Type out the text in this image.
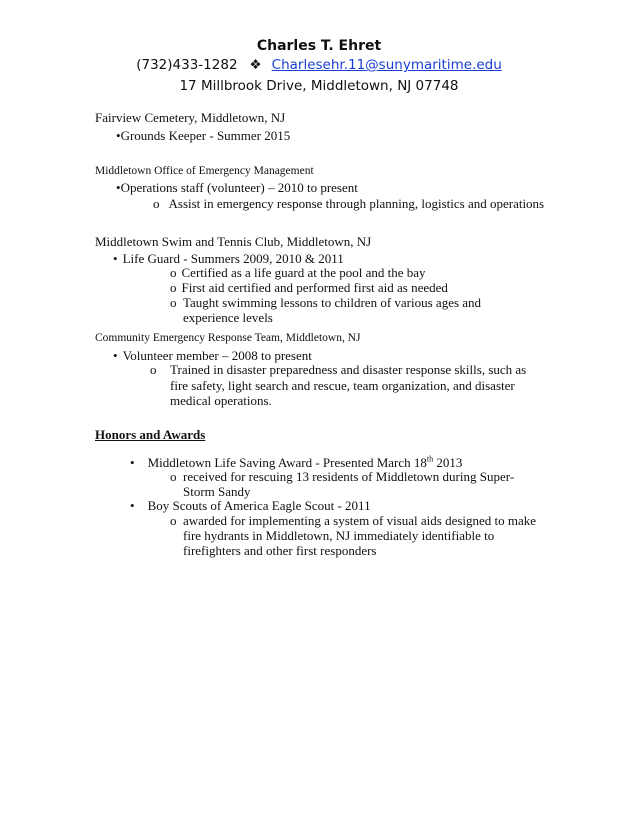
Charles T. Ehret
(732)433-1282 ❖ Charlesehr.11@sunymaritime.edu
17 Millbrook Drive, Middletown, NJ 07748
Fairview Cemetery, Middletown, NJ
•Grounds Keeper - Summer 2015
Middletown Office of Emergency Management
•Operations staff (volunteer) – 2010 to present
o Assist in emergency response through planning, logistics and operations
Middletown Swim and Tennis Club, Middletown, NJ
• Life Guard - Summers 2009, 2010 & 2011
o Certified as a life guard at the pool and the bay
o First aid certified and performed first aid as needed
o Taught swimming lessons to children of various ages and experience levels
Community Emergency Response Team, Middletown, NJ
• Volunteer member – 2008 to present
o	Trained in disaster preparedness and disaster response skills, such as fire safety, light search and rescue, team organization, and disaster medical operations.
Honors and Awards
• Middletown Life Saving Award - Presented March 18th 2013
o received for rescuing 13 residents of Middletown during Super-Storm Sandy
• Boy Scouts of America Eagle Scout - 2011
o awarded for implementing a system of visual aids designed to make fire hydrants in Middletown, NJ immediately identifiable to firefighters and other first responders
